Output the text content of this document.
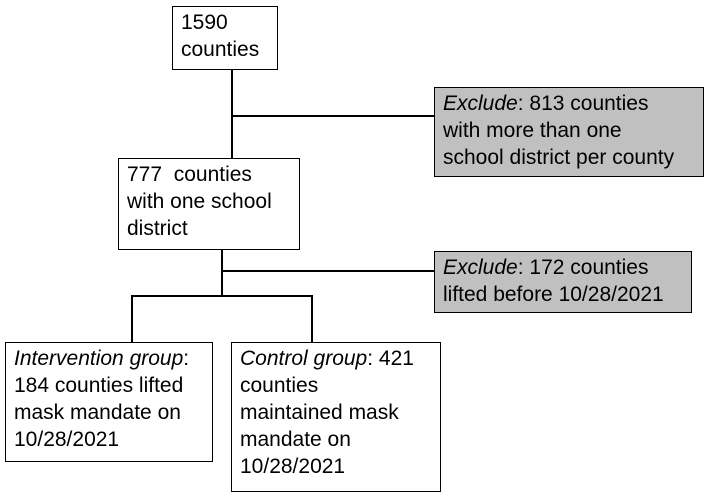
1590
counties
Exclude: 813 counties
with more than one
school district per county
777  counties
with one school
district
Exclude: 172 counties
lifted before 10/28/2021
Intervention group:
184 counties lifted
mask mandate on
10/28/2021
Control group: 421
counties
maintained mask
mandate on
10/28/2021
